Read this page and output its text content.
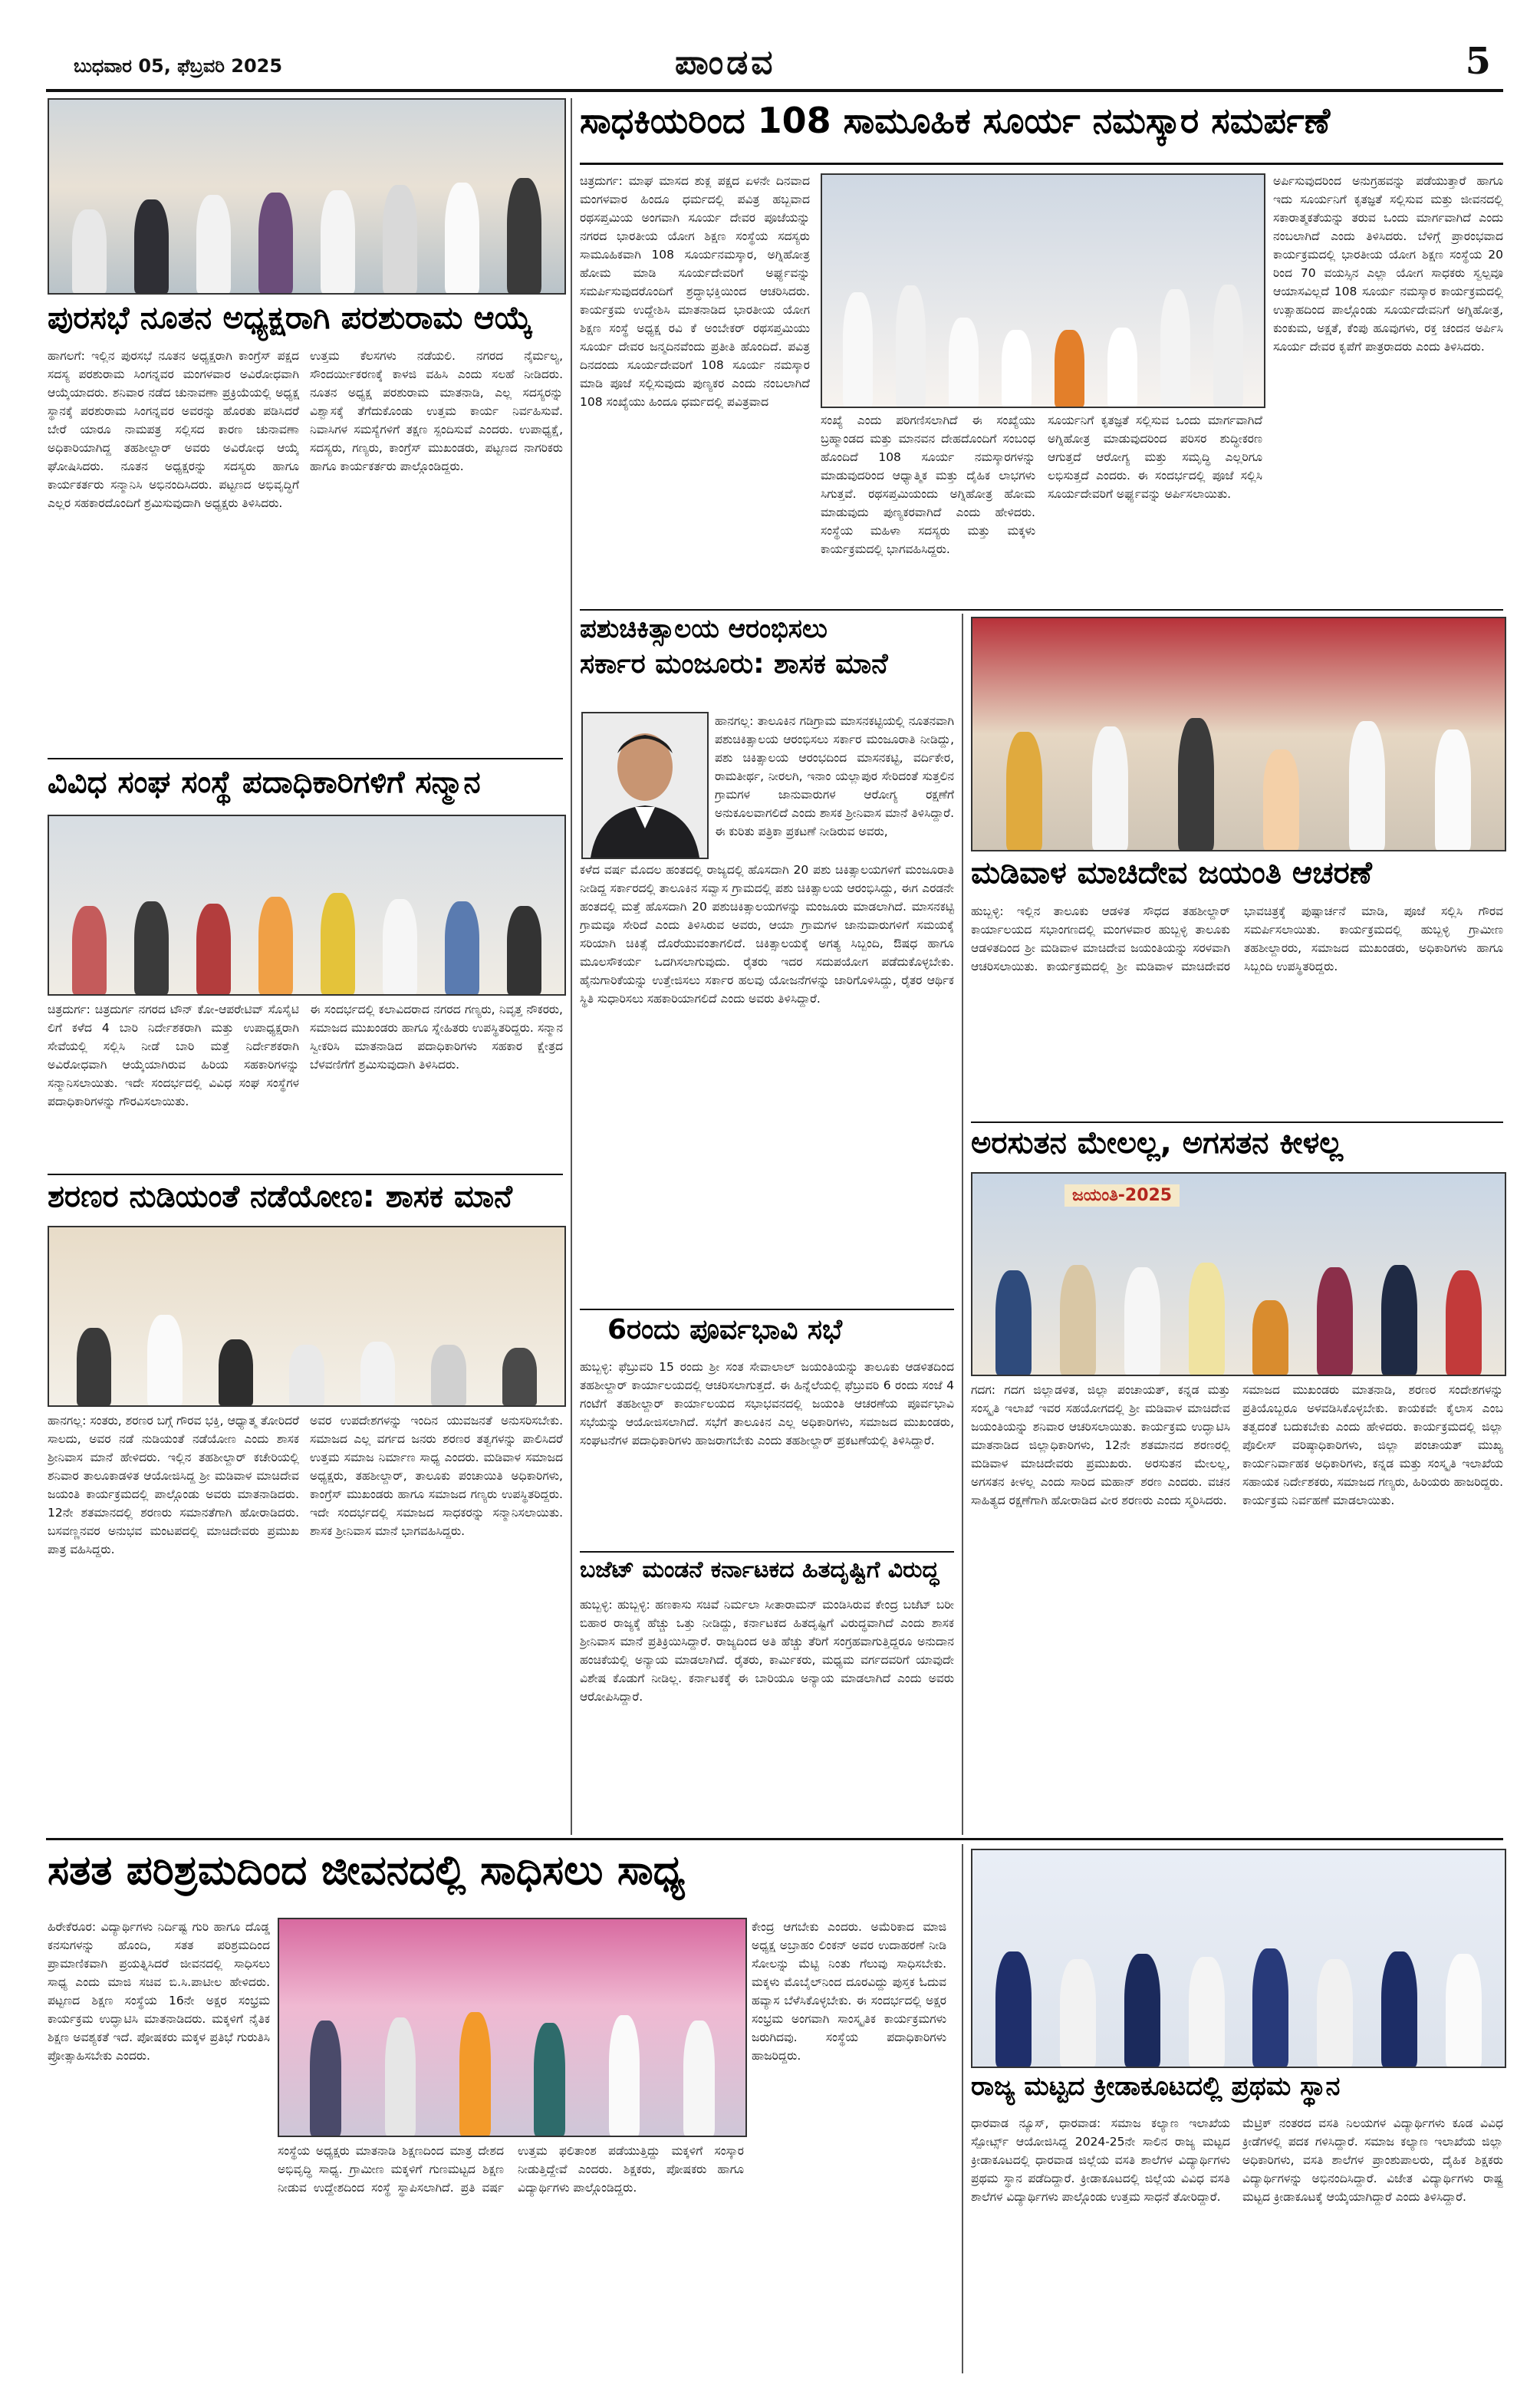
ಬುಧವಾರ 05, ಫೆಬ್ರವರಿ 2025	ಪಾಂಡವ	5
ಪುರಸಭೆ ನೂತನ ಅಧ್ಯಕ್ಷರಾಗಿ ಪರಶುರಾಮ ಆಯ್ಕೆ
ಹಾಗಲಗೆ: ಇಲ್ಲಿನ ಪುರಸಭೆ ನೂತನ ಅಧ್ಯಕ್ಷರಾಗಿ ಕಾಂಗ್ರೆಸ್ ಪಕ್ಷದ ಸದಸ್ಯ ಪರಶುರಾಮ ಸಿಂಗನ್ನವರ ಮಂಗಳವಾರ ಅವಿರೋಧವಾಗಿ ಆಯ್ಕೆಯಾದರು. ಶನಿವಾರ ನಡೆದ ಚುನಾವಣಾ ಪ್ರಕ್ರಿಯೆಯಲ್ಲಿ ಅಧ್ಯಕ್ಷ ಸ್ಥಾನಕ್ಕೆ ಪರಶುರಾಮ ಸಿಂಗನ್ನವರ ಅವರನ್ನು ಹೊರತು ಪಡಿಸಿದರೆ ಬೇರೆ ಯಾರೂ ನಾಮಪತ್ರ ಸಲ್ಲಿಸದ ಕಾರಣ ಚುನಾವಣಾ ಅಧಿಕಾರಿಯಾಗಿದ್ದ ತಹಶೀಲ್ದಾರ್ ಅವರು ಅವಿರೋಧ ಆಯ್ಕೆ ಘೋಷಿಸಿದರು. ನೂತನ ಅಧ್ಯಕ್ಷರನ್ನು ಸದಸ್ಯರು ಹಾಗೂ ಕಾರ್ಯಕರ್ತರು ಸನ್ಮಾನಿಸಿ ಅಭಿನಂದಿಸಿದರು. ಪಟ್ಟಣದ ಅಭಿವೃದ್ಧಿಗೆ ಎಲ್ಲರ ಸಹಕಾರದೊಂದಿಗೆ ಶ್ರಮಿಸುವುದಾಗಿ ಅಧ್ಯಕ್ಷರು ತಿಳಿಸಿದರು.
ಉತ್ತಮ ಕೆಲಸಗಳು ನಡೆಯಲಿ. ನಗರದ ನೈರ್ಮಲ್ಯ, ಸೌಂದರ್ಯೀಕರಣಕ್ಕೆ ಕಾಳಜಿ ವಹಿಸಿ ಎಂದು ಸಲಹೆ ನೀಡಿದರು. ನೂತನ ಅಧ್ಯಕ್ಷ ಪರಶುರಾಮ ಮಾತನಾಡಿ, ಎಲ್ಲ ಸದಸ್ಯರನ್ನು ವಿಶ್ವಾಸಕ್ಕೆ ತೆಗೆದುಕೊಂಡು ಉತ್ತಮ ಕಾರ್ಯ ನಿರ್ವಹಿಸುವೆ. ನಿವಾಸಿಗಳ ಸಮಸ್ಯೆಗಳಿಗೆ ತಕ್ಷಣ ಸ್ಪಂದಿಸುವೆ ಎಂದರು. ಉಪಾಧ್ಯಕ್ಷೆ, ಸದಸ್ಯರು, ಗಣ್ಯರು, ಕಾಂಗ್ರೆಸ್ ಮುಖಂಡರು, ಪಟ್ಟಣದ ನಾಗರಿಕರು ಹಾಗೂ ಕಾರ್ಯಕರ್ತರು ಪಾಲ್ಗೊಂಡಿದ್ದರು.
ವಿವಿಧ ಸಂಘ ಸಂಸ್ಥೆ ಪದಾಧಿಕಾರಿಗಳಿಗೆ ಸನ್ಮಾನ
ಚಿತ್ರದುರ್ಗ: ಚಿತ್ರದುರ್ಗ ನಗರದ ಟೌನ್ ಕೋ-ಆಪರೇಟಿವ್ ಸೊಸೈಟಿ ಲಿಗೆ ಕಳೆದ 4 ಬಾರಿ ನಿರ್ದೇಶಕರಾಗಿ ಮತ್ತು ಉಪಾಧ್ಯಕ್ಷರಾಗಿ ಸೇವೆಯಲ್ಲಿ ಸಲ್ಲಿಸಿ ನೀಡೆ ಬಾರಿ ಮತ್ತೆ ನಿರ್ದೇಶಕರಾಗಿ ಅವಿರೋಧವಾಗಿ ಆಯ್ಕೆಯಾಗಿರುವ ಹಿರಿಯ ಸಹಕಾರಿಗಳನ್ನು ಸನ್ಮಾನಿಸಲಾಯಿತು. ಇದೇ ಸಂದರ್ಭದಲ್ಲಿ ವಿವಿಧ ಸಂಘ ಸಂಸ್ಥೆಗಳ ಪದಾಧಿಕಾರಿಗಳನ್ನು ಗೌರವಿಸಲಾಯಿತು.
ಈ ಸಂದರ್ಭದಲ್ಲಿ ಕಲಾವಿದರಾದ ನಗರದ ಗಣ್ಯರು, ನಿವೃತ್ತ ನೌಕರರು, ಸಮಾಜದ ಮುಖಂಡರು ಹಾಗೂ ಸ್ನೇಹಿತರು ಉಪಸ್ಥಿತರಿದ್ದರು. ಸನ್ಮಾನ ಸ್ವೀಕರಿಸಿ ಮಾತನಾಡಿದ ಪದಾಧಿಕಾರಿಗಳು ಸಹಕಾರ ಕ್ಷೇತ್ರದ ಬೆಳವಣಿಗೆಗೆ ಶ್ರಮಿಸುವುದಾಗಿ ತಿಳಿಸಿದರು.
ಶರಣರ ನುಡಿಯಂತೆ ನಡೆಯೋಣ: ಶಾಸಕ ಮಾನೆ
ಹಾನಗಲ್ಲ: ಸಂತರು, ಶರಣರ ಬಗ್ಗೆ ಗೌರವ ಭಕ್ತಿ, ಆಧ್ಯಾತ್ಮ ತೋರಿದರೆ ಸಾಲದು, ಅವರ ನಡೆ ನುಡಿಯಂತೆ ನಡೆಯೋಣ ಎಂದು ಶಾಸಕ ಶ್ರೀನಿವಾಸ ಮಾನೆ ಹೇಳಿದರು. ಇಲ್ಲಿನ ತಹಶೀಲ್ದಾರ್ ಕಚೇರಿಯಲ್ಲಿ ಶನಿವಾರ ತಾಲೂಕಾಡಳಿತ ಆಯೋಜಿಸಿದ್ದ ಶ್ರೀ ಮಡಿವಾಳ ಮಾಚಿದೇವ ಜಯಂತಿ ಕಾರ್ಯಕ್ರಮದಲ್ಲಿ ಪಾಲ್ಗೊಂಡು ಅವರು ಮಾತನಾಡಿದರು. 12ನೇ ಶತಮಾನದಲ್ಲಿ ಶರಣರು ಸಮಾನತೆಗಾಗಿ ಹೋರಾಡಿದರು. ಬಸವಣ್ಣನವರ ಅನುಭವ ಮಂಟಪದಲ್ಲಿ ಮಾಚಿದೇವರು ಪ್ರಮುಖ ಪಾತ್ರ ವಹಿಸಿದ್ದರು.
ಅವರ ಉಪದೇಶಗಳನ್ನು ಇಂದಿನ ಯುವಜನತೆ ಅನುಸರಿಸಬೇಕು. ಸಮಾಜದ ಎಲ್ಲ ವರ್ಗದ ಜನರು ಶರಣರ ತತ್ವಗಳನ್ನು ಪಾಲಿಸಿದರೆ ಉತ್ತಮ ಸಮಾಜ ನಿರ್ಮಾಣ ಸಾಧ್ಯ ಎಂದರು. ಮಡಿವಾಳ ಸಮಾಜದ ಅಧ್ಯಕ್ಷರು, ತಹಶೀಲ್ದಾರ್, ತಾಲೂಕು ಪಂಚಾಯಿತಿ ಅಧಿಕಾರಿಗಳು, ಕಾಂಗ್ರೆಸ್ ಮುಖಂಡರು ಹಾಗೂ ಸಮಾಜದ ಗಣ್ಯರು ಉಪಸ್ಥಿತರಿದ್ದರು. ಇದೇ ಸಂದರ್ಭದಲ್ಲಿ ಸಮಾಜದ ಸಾಧಕರನ್ನು ಸನ್ಮಾನಿಸಲಾಯಿತು. ಶಾಸಕ ಶ್ರೀನಿವಾಸ ಮಾನೆ ಭಾಗವಹಿಸಿದ್ದರು.
ಸಾಧಕಿಯರಿಂದ 108 ಸಾಮೂಹಿಕ ಸೂರ್ಯ ನಮಸ್ಕಾರ ಸಮರ್ಪಣೆ
ಚಿತ್ರದುರ್ಗ: ಮಾಘ ಮಾಸದ ಶುಕ್ಲ ಪಕ್ಷದ ಏಳನೇ ದಿನವಾದ ಮಂಗಳವಾರ ಹಿಂದೂ ಧರ್ಮದಲ್ಲಿ ಪವಿತ್ರ ಹಬ್ಬವಾದ ರಥಸಪ್ತಮಿಯ ಅಂಗವಾಗಿ ಸೂರ್ಯ ದೇವರ ಪೂಜೆಯನ್ನು ನಗರದ ಭಾರತೀಯ ಯೋಗ ಶಿಕ್ಷಣ ಸಂಸ್ಥೆಯ ಸದಸ್ಯರು ಸಾಮೂಹಿಕವಾಗಿ 108 ಸೂರ್ಯನಮಸ್ಕಾರ, ಅಗ್ನಿಹೋತ್ರ ಹೋಮ ಮಾಡಿ ಸೂರ್ಯದೇವರಿಗೆ ಅರ್ಘ್ಯವನ್ನು ಸಮರ್ಪಿಸುವುದರೊಂದಿಗೆ ಶ್ರದ್ಧಾಭಕ್ತಿಯಿಂದ ಆಚರಿಸಿದರು. ಕಾರ್ಯಕ್ರಮ ಉದ್ದೇಶಿಸಿ ಮಾತನಾಡಿದ ಭಾರತೀಯ ಯೋಗ ಶಿಕ್ಷಣ ಸಂಸ್ಥೆ ಅಧ್ಯಕ್ಷ ರವಿ ಕೆ ಅಂಬೇಕರ್ ರಥಸಪ್ತಮಿಯು ಸೂರ್ಯ ದೇವರ ಜನ್ಮದಿನವೆಂದು ಪ್ರತೀತಿ ಹೊಂದಿದೆ. ಪವಿತ್ರ ದಿನದಂದು ಸೂರ್ಯದೇವರಿಗೆ 108 ಸೂರ್ಯ ನಮಸ್ಕಾರ ಮಾಡಿ ಪೂಜೆ ಸಲ್ಲಿಸುವುದು ಪುಣ್ಯಕರ ಎಂದು ನಂಬಲಾಗಿದೆ 108 ಸಂಖ್ಯೆಯು ಹಿಂದೂ ಧರ್ಮದಲ್ಲಿ ಪವಿತ್ರವಾದ
ಸಂಖ್ಯೆ ಎಂದು ಪರಿಗಣಿಸಲಾಗಿದೆ ಈ ಸಂಖ್ಯೆಯು ಬ್ರಹ್ಮಾಂಡದ ಮತ್ತು ಮಾನವನ ದೇಹದೊಂದಿಗೆ ಸಂಬಂಧ ಹೊಂದಿದೆ 108 ಸೂರ್ಯ ನಮಸ್ಕಾರಗಳನ್ನು ಮಾಡುವುದರಿಂದ ಆಧ್ಯಾತ್ಮಿಕ ಮತ್ತು ದೈಹಿಕ ಲಾಭಗಳು ಸಿಗುತ್ತವೆ. ರಥಸಪ್ತಮಿಯಂದು ಅಗ್ನಿಹೋತ್ರ ಹೋಮ ಮಾಡುವುದು ಪುಣ್ಯಕರವಾಗಿದೆ ಎಂದು ಹೇಳಿದರು. ಸಂಸ್ಥೆಯ ಮಹಿಳಾ ಸದಸ್ಯರು ಮತ್ತು ಮಕ್ಕಳು ಕಾರ್ಯಕ್ರಮದಲ್ಲಿ ಭಾಗವಹಿಸಿದ್ದರು.
ಸೂರ್ಯನಿಗೆ ಕೃತಜ್ಞತೆ ಸಲ್ಲಿಸುವ ಒಂದು ಮಾರ್ಗವಾಗಿದೆ ಅಗ್ನಿಹೋತ್ರ ಮಾಡುವುದರಿಂದ ಪರಿಸರ ಶುದ್ಧೀಕರಣ ಆಗುತ್ತದೆ ಆರೋಗ್ಯ ಮತ್ತು ಸಮೃದ್ಧಿ ಎಲ್ಲರಿಗೂ ಲಭಿಸುತ್ತದೆ ಎಂದರು. ಈ ಸಂದರ್ಭದಲ್ಲಿ ಪೂಜೆ ಸಲ್ಲಿಸಿ ಸೂರ್ಯದೇವರಿಗೆ ಅರ್ಘ್ಯವನ್ನು ಅರ್ಪಿಸಲಾಯಿತು.
ಅರ್ಪಿಸುವುದರಿಂದ ಅನುಗ್ರಹವನ್ನು ಪಡೆಯುತ್ತಾರೆ ಹಾಗೂ ಇದು ಸೂರ್ಯನಿಗೆ ಕೃತಜ್ಞತೆ ಸಲ್ಲಿಸುವ ಮತ್ತು ಜೀವನದಲ್ಲಿ ಸಕಾರಾತ್ಮಕತೆಯನ್ನು ತರುವ ಒಂದು ಮಾರ್ಗವಾಗಿದೆ ಎಂದು ನಂಬಲಾಗಿದೆ ಎಂದು ತಿಳಿಸಿದರು. ಬೆಳಿಗ್ಗೆ ಪ್ರಾರಂಭವಾದ ಕಾರ್ಯಕ್ರಮದಲ್ಲಿ ಭಾರತೀಯ ಯೋಗ ಶಿಕ್ಷಣ ಸಂಸ್ಥೆಯ 20 ರಿಂದ 70 ವಯಸ್ಸಿನ ಎಲ್ಲಾ ಯೋಗ ಸಾಧಕರು ಸ್ವಲ್ಪವೂ ಆಯಾಸವಿಲ್ಲದೆ 108 ಸೂರ್ಯ ನಮಸ್ಕಾರ ಕಾರ್ಯಕ್ರಮದಲ್ಲಿ ಉತ್ಸಾಹದಿಂದ ಪಾಲ್ಗೊಂಡು ಸೂರ್ಯದೇವನಿಗೆ ಅಗ್ನಿಹೋತ್ರ, ಕುಂಕುಮ, ಅಕ್ಷತೆ, ಕೆಂಪು ಹೂವುಗಳು, ರಕ್ತ ಚಂದನ ಅರ್ಪಿಸಿ ಸೂರ್ಯ ದೇವರ ಕೃಪೆಗೆ ಪಾತ್ರರಾದರು ಎಂದು ತಿಳಿಸಿದರು.
ಪಶುಚಿಕಿತ್ಸಾಲಯ ಆರಂಭಿಸಲು
ಸರ್ಕಾರ ಮಂಜೂರು: ಶಾಸಕ ಮಾನೆ
ಹಾನಗಲ್ಲ: ತಾಲೂಕಿನ ಗಡಿಗ್ರಾಮ ಮಾಸನಕಟ್ಟಿಯಲ್ಲಿ ನೂತನವಾಗಿ ಪಶುಚಿಕಿತ್ಸಾಲಯ ಆರಂಭಿಸಲು ಸರ್ಕಾರ ಮಂಜೂರಾತಿ ನೀಡಿದ್ದು, ಪಶು ಚಿಕಿತ್ಸಾಲಯ ಆರಂಭದಿಂದ ಮಾಸನಕಟ್ಟಿ, ವರ್ದಿಕೇರ, ರಾಮತೀರ್ಥ, ನೀರಲಗಿ, ಇನಾಂ ಯಲ್ಲಾಪುರ ಸೇರಿದಂತೆ ಸುತ್ತಲಿನ ಗ್ರಾಮಗಳ ಜಾನುವಾರುಗಳ ಆರೋಗ್ಯ ರಕ್ಷಣೆಗೆ ಅನುಕೂಲವಾಗಲಿದೆ ಎಂದು ಶಾಸಕ ಶ್ರೀನಿವಾಸ ಮಾನೆ ತಿಳಿಸಿದ್ದಾರೆ. ಈ ಕುರಿತು ಪತ್ರಿಕಾ ಪ್ರಕಟಣೆ ನೀಡಿರುವ ಅವರು,
ಕಳೆದ ವರ್ಷ ಮೊದಲ ಹಂತದಲ್ಲಿ ರಾಜ್ಯದಲ್ಲಿ ಹೊಸದಾಗಿ 20 ಪಶು ಚಿಕಿತ್ಸಾಲಯಗಳಿಗೆ ಮಂಜೂರಾತಿ ನೀಡಿದ್ದ ಸರ್ಕಾರದಲ್ಲಿ ತಾಲೂಕಿನ ಸವ್ವಾಸ ಗ್ರಾಮದಲ್ಲಿ ಪಶು ಚಿಕಿತ್ಸಾಲಯ ಆರಂಭಿಸಿದ್ದು, ಈಗ ಎರಡನೇ ಹಂತದಲ್ಲಿ ಮತ್ತೆ ಹೊಸದಾಗಿ 20 ಪಶುಚಿಕಿತ್ಸಾಲಯಗಳನ್ನು ಮಂಜೂರು ಮಾಡಲಾಗಿದೆ. ಮಾಸನಕಟ್ಟಿ ಗ್ರಾಮವೂ ಸೇರಿದೆ ಎಂದು ತಿಳಿಸಿರುವ ಅವರು, ಆಯಾ ಗ್ರಾಮಗಳ ಜಾನುವಾರುಗಳಿಗೆ ಸಮಯಕ್ಕೆ ಸರಿಯಾಗಿ ಚಿಕಿತ್ಸೆ ದೊರೆಯುವಂತಾಗಲಿದೆ. ಚಿಕಿತ್ಸಾಲಯಕ್ಕೆ ಅಗತ್ಯ ಸಿಬ್ಬಂದಿ, ಔಷಧ ಹಾಗೂ ಮೂಲಸೌಕರ್ಯ ಒದಗಿಸಲಾಗುವುದು. ರೈತರು ಇದರ ಸದುಪಯೋಗ ಪಡೆದುಕೊಳ್ಳಬೇಕು. ಹೈನುಗಾರಿಕೆಯನ್ನು ಉತ್ತೇಜಿಸಲು ಸರ್ಕಾರ ಹಲವು ಯೋಜನೆಗಳನ್ನು ಜಾರಿಗೊಳಿಸಿದ್ದು, ರೈತರ ಆರ್ಥಿಕ ಸ್ಥಿತಿ ಸುಧಾರಿಸಲು ಸಹಕಾರಿಯಾಗಲಿದೆ ಎಂದು ಅವರು ತಿಳಿಸಿದ್ದಾರೆ.
6ರಂದು ಪೂರ್ವಭಾವಿ ಸಭೆ
ಹುಬ್ಬಳ್ಳಿ: ಫೆಬ್ರುವರಿ 15 ರಂದು ಶ್ರೀ ಸಂತ ಸೇವಾಲಾಲ್ ಜಯಂತಿಯನ್ನು ತಾಲೂಕು ಆಡಳಿತದಿಂದ ತಹಶೀಲ್ದಾರ್ ಕಾರ್ಯಾಲಯದಲ್ಲಿ ಆಚರಿಸಲಾಗುತ್ತದೆ. ಈ ಹಿನ್ನೆಲೆಯಲ್ಲಿ ಫೆಬ್ರುವರಿ 6 ರಂದು ಸಂಜೆ 4 ಗಂಟೆಗೆ ತಹಶೀಲ್ದಾರ್ ಕಾರ್ಯಾಲಯದ ಸಭಾಭವನದಲ್ಲಿ ಜಯಂತಿ ಆಚರಣೆಯ ಪೂರ್ವಭಾವಿ ಸಭೆಯನ್ನು ಆಯೋಜಿಸಲಾಗಿದೆ. ಸಭೆಗೆ ತಾಲೂಕಿನ ಎಲ್ಲ ಅಧಿಕಾರಿಗಳು, ಸಮಾಜದ ಮುಖಂಡರು, ಸಂಘಟನೆಗಳ ಪದಾಧಿಕಾರಿಗಳು ಹಾಜರಾಗಬೇಕು ಎಂದು ತಹಶೀಲ್ದಾರ್ ಪ್ರಕಟಣೆಯಲ್ಲಿ ತಿಳಿಸಿದ್ದಾರೆ.
ಬಜೆಟ್ ಮಂಡನೆ ಕರ್ನಾಟಕದ ಹಿತದೃಷ್ಟಿಗೆ ವಿರುದ್ಧ
ಹುಬ್ಬಳ್ಳಿ: ಹುಬ್ಬಳ್ಳಿ: ಹಣಕಾಸು ಸಚಿವೆ ನಿರ್ಮಲಾ ಸೀತಾರಾಮನ್ ಮಂಡಿಸಿರುವ ಕೇಂದ್ರ ಬಜೆಟ್ ಬರೀ ಬಿಹಾರ ರಾಜ್ಯಕ್ಕೆ ಹೆಚ್ಚು ಒತ್ತು ನೀಡಿದ್ದು, ಕರ್ನಾಟಕದ ಹಿತದೃಷ್ಟಿಗೆ ವಿರುದ್ಧವಾಗಿದೆ ಎಂದು ಶಾಸಕ ಶ್ರೀನಿವಾಸ ಮಾನೆ ಪ್ರತಿಕ್ರಿಯಿಸಿದ್ದಾರೆ. ರಾಜ್ಯದಿಂದ ಅತಿ ಹೆಚ್ಚು ತೆರಿಗೆ ಸಂಗ್ರಹವಾಗುತ್ತಿದ್ದರೂ ಅನುದಾನ ಹಂಚಿಕೆಯಲ್ಲಿ ಅನ್ಯಾಯ ಮಾಡಲಾಗಿದೆ. ರೈತರು, ಕಾರ್ಮಿಕರು, ಮಧ್ಯಮ ವರ್ಗದವರಿಗೆ ಯಾವುದೇ ವಿಶೇಷ ಕೊಡುಗೆ ನೀಡಿಲ್ಲ. ಕರ್ನಾಟಕಕ್ಕೆ ಈ ಬಾರಿಯೂ ಅನ್ಯಾಯ ಮಾಡಲಾಗಿದೆ ಎಂದು ಅವರು ಆರೋಪಿಸಿದ್ದಾರೆ.
ಮಡಿವಾಳ ಮಾಚಿದೇವ ಜಯಂತಿ ಆಚರಣೆ
ಹುಬ್ಬಳ್ಳಿ: ಇಲ್ಲಿನ ತಾಲೂಕು ಆಡಳಿತ ಸೌಧದ ತಹಶೀಲ್ದಾರ್ ಕಾರ್ಯಾಲಯದ ಸಭಾಂಗಣದಲ್ಲಿ ಮಂಗಳವಾರ ಹುಬ್ಬಳ್ಳಿ ತಾಲೂಕು ಆಡಳಿತದಿಂದ ಶ್ರೀ ಮಡಿವಾಳ ಮಾಚಿದೇವ ಜಯಂತಿಯನ್ನು ಸರಳವಾಗಿ ಆಚರಿಸಲಾಯಿತು. ಕಾರ್ಯಕ್ರಮದಲ್ಲಿ ಶ್ರೀ ಮಡಿವಾಳ ಮಾಚಿದೇವರ ಭಾವಚಿತ್ರಕ್ಕೆ ಪುಷ್ಪಾರ್ಚನೆ ಮಾಡಿ, ಪೂಜೆ ಸಲ್ಲಿಸಿ ಗೌರವ ಸಮರ್ಪಿಸಲಾಯಿತು. ಕಾರ್ಯಕ್ರಮದಲ್ಲಿ ಹುಬ್ಬಳ್ಳಿ ಗ್ರಾಮೀಣ ತಹಶೀಲ್ದಾರರು, ಸಮಾಜದ ಮುಖಂಡರು, ಅಧಿಕಾರಿಗಳು ಹಾಗೂ ಸಿಬ್ಬಂದಿ ಉಪಸ್ಥಿತರಿದ್ದರು.
ಅರಸುತನ ಮೇಲಲ್ಲ, ಅಗಸತನ ಕೀಳಲ್ಲ
ಜಯಂತಿ-2025
ಗದಗ: ಗದಗ ಜಿಲ್ಲಾಡಳಿತ, ಜಿಲ್ಲಾ ಪಂಚಾಯತ್, ಕನ್ನಡ ಮತ್ತು ಸಂಸ್ಕೃತಿ ಇಲಾಖೆ ಇವರ ಸಹಯೋಗದಲ್ಲಿ ಶ್ರೀ ಮಡಿವಾಳ ಮಾಚಿದೇವ ಜಯಂತಿಯನ್ನು ಶನಿವಾರ ಆಚರಿಸಲಾಯಿತು. ಕಾರ್ಯಕ್ರಮ ಉದ್ಘಾಟಿಸಿ ಮಾತನಾಡಿದ ಜಿಲ್ಲಾಧಿಕಾರಿಗಳು, 12ನೇ ಶತಮಾನದ ಶರಣರಲ್ಲಿ ಮಡಿವಾಳ ಮಾಚಿದೇವರು ಪ್ರಮುಖರು. ಅರಸುತನ ಮೇಲಲ್ಲ, ಅಗಸತನ ಕೀಳಲ್ಲ ಎಂದು ಸಾರಿದ ಮಹಾನ್ ಶರಣ ಎಂದರು. ವಚನ ಸಾಹಿತ್ಯದ ರಕ್ಷಣೆಗಾಗಿ ಹೋರಾಡಿದ ವೀರ ಶರಣರು ಎಂದು ಸ್ಮರಿಸಿದರು.
ಸಮಾಜದ ಮುಖಂಡರು ಮಾತನಾಡಿ, ಶರಣರ ಸಂದೇಶಗಳನ್ನು ಪ್ರತಿಯೊಬ್ಬರೂ ಅಳವಡಿಸಿಕೊಳ್ಳಬೇಕು. ಕಾಯಕವೇ ಕೈಲಾಸ ಎಂಬ ತತ್ವದಂತೆ ಬದುಕಬೇಕು ಎಂದು ಹೇಳಿದರು. ಕಾರ್ಯಕ್ರಮದಲ್ಲಿ ಜಿಲ್ಲಾ ಪೊಲೀಸ್ ವರಿಷ್ಠಾಧಿಕಾರಿಗಳು, ಜಿಲ್ಲಾ ಪಂಚಾಯತ್ ಮುಖ್ಯ ಕಾರ್ಯನಿರ್ವಾಹಕ ಅಧಿಕಾರಿಗಳು, ಕನ್ನಡ ಮತ್ತು ಸಂಸ್ಕೃತಿ ಇಲಾಖೆಯ ಸಹಾಯಕ ನಿರ್ದೇಶಕರು, ಸಮಾಜದ ಗಣ್ಯರು, ಹಿರಿಯರು ಹಾಜರಿದ್ದರು. ಕಾರ್ಯಕ್ರಮ ನಿರ್ವಹಣೆ ಮಾಡಲಾಯಿತು.
ಸತತ ಪರಿಶ್ರಮದಿಂದ ಜೀವನದಲ್ಲಿ ಸಾಧಿಸಲು ಸಾಧ್ಯ
ಹಿರೇಕೆರೂರ: ವಿದ್ಯಾರ್ಥಿಗಳು ನಿರ್ದಿಷ್ಟ ಗುರಿ ಹಾಗೂ ದೊಡ್ಡ ಕನಸುಗಳನ್ನು ಹೊಂದಿ, ಸತತ ಪರಿಶ್ರಮದಿಂದ ಪ್ರಾಮಾಣಿಕವಾಗಿ ಪ್ರಯತ್ನಿಸಿದರೆ ಜೀವನದಲ್ಲಿ ಸಾಧಿಸಲು ಸಾಧ್ಯ ಎಂದು ಮಾಜಿ ಸಚಿವ ಬಿ.ಸಿ.ಪಾಟೀಲ ಹೇಳಿದರು. ಪಟ್ಟಣದ ಶಿಕ್ಷಣ ಸಂಸ್ಥೆಯ 16ನೇ ಅಕ್ಷರ ಸಂಭ್ರಮ ಕಾರ್ಯಕ್ರಮ ಉದ್ಘಾಟಿಸಿ ಮಾತನಾಡಿದರು. ಮಕ್ಕಳಿಗೆ ನೈತಿಕ ಶಿಕ್ಷಣ ಅವಶ್ಯಕತೆ ಇದೆ. ಪೋಷಕರು ಮಕ್ಕಳ ಪ್ರತಿಭೆ ಗುರುತಿಸಿ ಪ್ರೋತ್ಸಾಹಿಸಬೇಕು ಎಂದರು.
ಸಂಸ್ಥೆಯ ಅಧ್ಯಕ್ಷರು ಮಾತನಾಡಿ ಶಿಕ್ಷಣದಿಂದ ಮಾತ್ರ ದೇಶದ ಅಭಿವೃದ್ಧಿ ಸಾಧ್ಯ. ಗ್ರಾಮೀಣ ಮಕ್ಕಳಿಗೆ ಗುಣಮಟ್ಟದ ಶಿಕ್ಷಣ ನೀಡುವ ಉದ್ದೇಶದಿಂದ ಸಂಸ್ಥೆ ಸ್ಥಾಪಿಸಲಾಗಿದೆ. ಪ್ರತಿ ವರ್ಷ ಉತ್ತಮ ಫಲಿತಾಂಶ ಪಡೆಯುತ್ತಿದ್ದು ಮಕ್ಕಳಿಗೆ ಸಂಸ್ಕಾರ ನೀಡುತ್ತಿದ್ದೇವೆ ಎಂದರು. ಶಿಕ್ಷಕರು, ಪೋಷಕರು ಹಾಗೂ ವಿದ್ಯಾರ್ಥಿಗಳು ಪಾಲ್ಗೊಂಡಿದ್ದರು.
ಕೇಂದ್ರ ಆಗಬೇಕು ಎಂದರು. ಅಮೆರಿಕಾದ ಮಾಜಿ ಅಧ್ಯಕ್ಷ ಅಬ್ರಾಹಂ ಲಿಂಕನ್ ಅವರ ಉದಾಹರಣೆ ನೀಡಿ ಸೋಲನ್ನು ಮೆಟ್ಟಿ ನಿಂತು ಗೆಲುವು ಸಾಧಿಸಬೇಕು. ಮಕ್ಕಳು ಮೊಬೈಲ್‌ನಿಂದ ದೂರವಿದ್ದು ಪುಸ್ತಕ ಓದುವ ಹವ್ಯಾಸ ಬೆಳೆಸಿಕೊಳ್ಳಬೇಕು. ಈ ಸಂದರ್ಭದಲ್ಲಿ ಅಕ್ಷರ ಸಂಭ್ರಮ ಅಂಗವಾಗಿ ಸಾಂಸ್ಕೃತಿಕ ಕಾರ್ಯಕ್ರಮಗಳು ಜರುಗಿದವು. ಸಂಸ್ಥೆಯ ಪದಾಧಿಕಾರಿಗಳು ಹಾಜರಿದ್ದರು.
ರಾಜ್ಯ ಮಟ್ಟದ ಕ್ರೀಡಾಕೂಟದಲ್ಲಿ ಪ್ರಥಮ ಸ್ಥಾನ
ಧಾರವಾಡ ನ್ಯೂಸ್, ಧಾರವಾಡ: ಸಮಾಜ ಕಲ್ಯಾಣ ಇಲಾಖೆಯ ಸ್ಪೋರ್ಟ್ಸ್ ಆಯೋಜಿಸಿದ್ದ 2024-25ನೇ ಸಾಲಿನ ರಾಜ್ಯ ಮಟ್ಟದ ಕ್ರೀಡಾಕೂಟದಲ್ಲಿ ಧಾರವಾಡ ಜಿಲ್ಲೆಯ ವಸತಿ ಶಾಲೆಗಳ ವಿದ್ಯಾರ್ಥಿಗಳು ಪ್ರಥಮ ಸ್ಥಾನ ಪಡೆದಿದ್ದಾರೆ. ಕ್ರೀಡಾಕೂಟದಲ್ಲಿ ಜಿಲ್ಲೆಯ ವಿವಿಧ ವಸತಿ ಶಾಲೆಗಳ ವಿದ್ಯಾರ್ಥಿಗಳು ಪಾಲ್ಗೊಂಡು ಉತ್ತಮ ಸಾಧನೆ ತೋರಿದ್ದಾರೆ.
ಮೆಟ್ರಿಕ್ ನಂತರದ ವಸತಿ ನಿಲಯಗಳ ವಿದ್ಯಾರ್ಥಿಗಳು ಕೂಡ ವಿವಿಧ ಕ್ರೀಡೆಗಳಲ್ಲಿ ಪದಕ ಗಳಿಸಿದ್ದಾರೆ. ಸಮಾಜ ಕಲ್ಯಾಣ ಇಲಾಖೆಯ ಜಿಲ್ಲಾ ಅಧಿಕಾರಿಗಳು, ವಸತಿ ಶಾಲೆಗಳ ಪ್ರಾಂಶುಪಾಲರು, ದೈಹಿಕ ಶಿಕ್ಷಕರು ವಿದ್ಯಾರ್ಥಿಗಳನ್ನು ಅಭಿನಂದಿಸಿದ್ದಾರೆ. ವಿಜೇತ ವಿದ್ಯಾರ್ಥಿಗಳು ರಾಷ್ಟ್ರ ಮಟ್ಟದ ಕ್ರೀಡಾಕೂಟಕ್ಕೆ ಆಯ್ಕೆಯಾಗಿದ್ದಾರೆ ಎಂದು ತಿಳಿಸಿದ್ದಾರೆ.
